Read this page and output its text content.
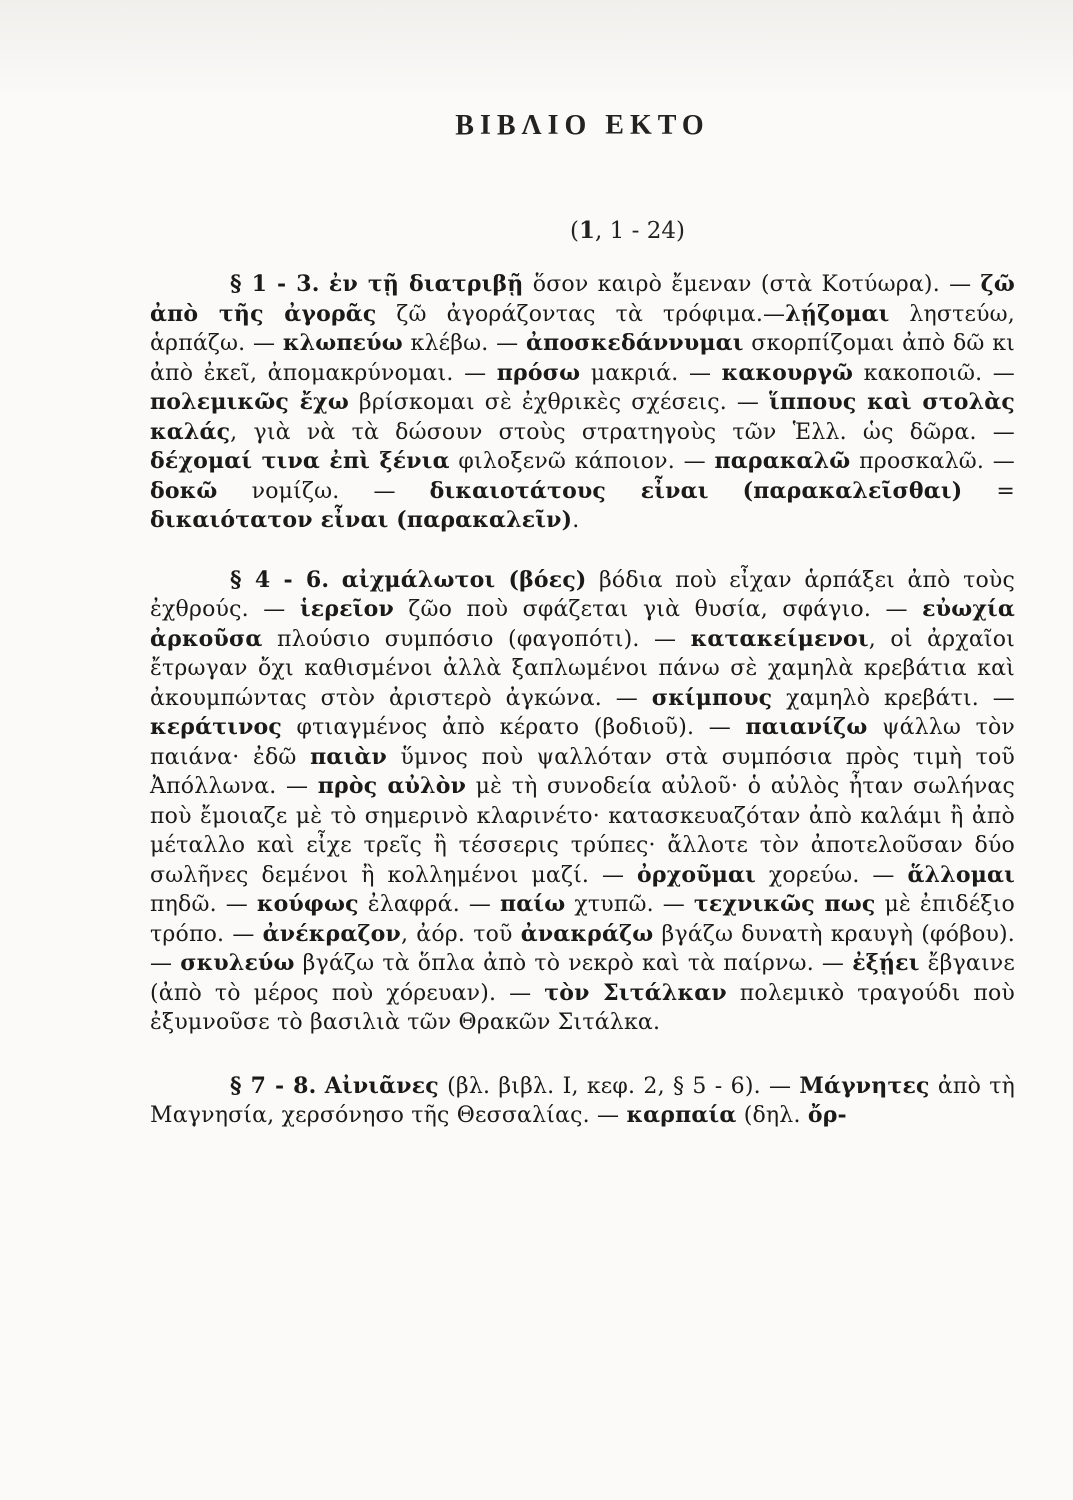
ΒΙΒΛΙΟ ΕΚΤΟ
(1, 1 - 24)

§ 1 - 3. ἐν τῇ διατριβῇ ὅσον καιρὸ ἔμεναν (στὰ Κοτύωρα). — ζῶ ἀπὸ τῆς ἀγορᾶς ζῶ ἀγοράζοντας τὰ τρόφιμα.—λῄζομαι ληστεύω, ἁρπάζω. — κλωπεύω κλέβω. — ἀποσκεδάννυμαι σκορπίζομαι ἀπὸ δῶ κι ἀπὸ ἐκεῖ, ἀπομακρύνομαι. — πρόσω μακριά. — κακουργῶ κακοποιῶ. — πολεμικῶς ἔχω βρίσκομαι σὲ ἐχθρικὲς σχέσεις. — ἵππους καὶ στολὰς καλάς, γιὰ νὰ τὰ δώσουν στοὺς στρατηγοὺς τῶν Ἑλλ. ὡς δῶρα. — δέχομαί τινα ἐπὶ ξένια φιλοξενῶ κάποιον. — παρακαλῶ προσκαλῶ. — δοκῶ νομίζω. — δικαιοτάτους εἶναι (παρακαλεῖσθαι) = δικαιότατον εἶναι (παρακαλεῖν).

§ 4 - 6. αἰχμάλωτοι (βόες) βόδια ποὺ εἶχαν ἁρπάξει ἀπὸ τοὺς ἐχθρούς. — ἱερεῖον ζῶο ποὺ σφάζεται γιὰ θυσία, σφάγιο. — εὐωχία ἀρκοῦσα πλούσιο συμπόσιο (φαγοπότι). — κατακείμενοι, οἱ ἀρχαῖοι ἔτρωγαν ὄχι καθισμένοι ἀλλὰ ξαπλωμένοι πάνω σὲ χαμηλὰ κρεβάτια καὶ ἀκουμπώντας στὸν ἀριστερὸ ἀγκώνα. — σκίμπους χαμηλὸ κρεβάτι. — κεράτινος φτιαγμένος ἀπὸ κέρατο (βοδιοῦ). — παιανίζω ψάλλω τὸν παιάνα· ἐδῶ παιὰν ὕμνος ποὺ ψαλλόταν στὰ συμπόσια πρὸς τιμὴ τοῦ Ἀπόλλωνα. — πρὸς αὐλὸν μὲ τὴ συνοδεία αὐλοῦ· ὁ αὐλὸς ἦταν σωλήνας ποὺ ἔμοιαζε μὲ τὸ σημερινὸ κλαρινέτο· κατασκευαζόταν ἀπὸ καλάμι ἢ ἀπὸ μέταλλο καὶ εἶχε τρεῖς ἢ τέσσερις τρύπες· ἄλλοτε τὸν ἀποτελοῦσαν δύο σωλῆνες δεμένοι ἢ κολλημένοι μαζί. — ὀρχοῦμαι χορεύω. — ἅλλομαι πηδῶ. — κούφως ἐλαφρά. — παίω χτυπῶ. — τεχνικῶς πως μὲ ἐπιδέξιο τρόπο. — ἀνέκραζον, ἀόρ. τοῦ ἀνακράζω βγάζω δυνατὴ κραυγὴ (φόβου). — σκυλεύω βγάζω τὰ ὅπλα ἀπὸ τὸ νεκρὸ καὶ τὰ παίρνω. — ἐξῄει ἔβγαινε (ἀπὸ τὸ μέρος ποὺ χόρευαν). — τὸν Σιτάλκαν πολεμικὸ τραγούδι ποὺ ἐξυμνοῦσε τὸ βασιλιὰ τῶν Θρακῶν Σιτάλκα.

§ 7 - 8. Αἰνιᾶνες (βλ. βιβλ. I, κεφ. 2, § 5 - 6). — Μάγνητες ἀπὸ τὴ Μαγνησία, χερσόνησο τῆς Θεσσαλίας. — καρπαία (δηλ. ὄρ-
